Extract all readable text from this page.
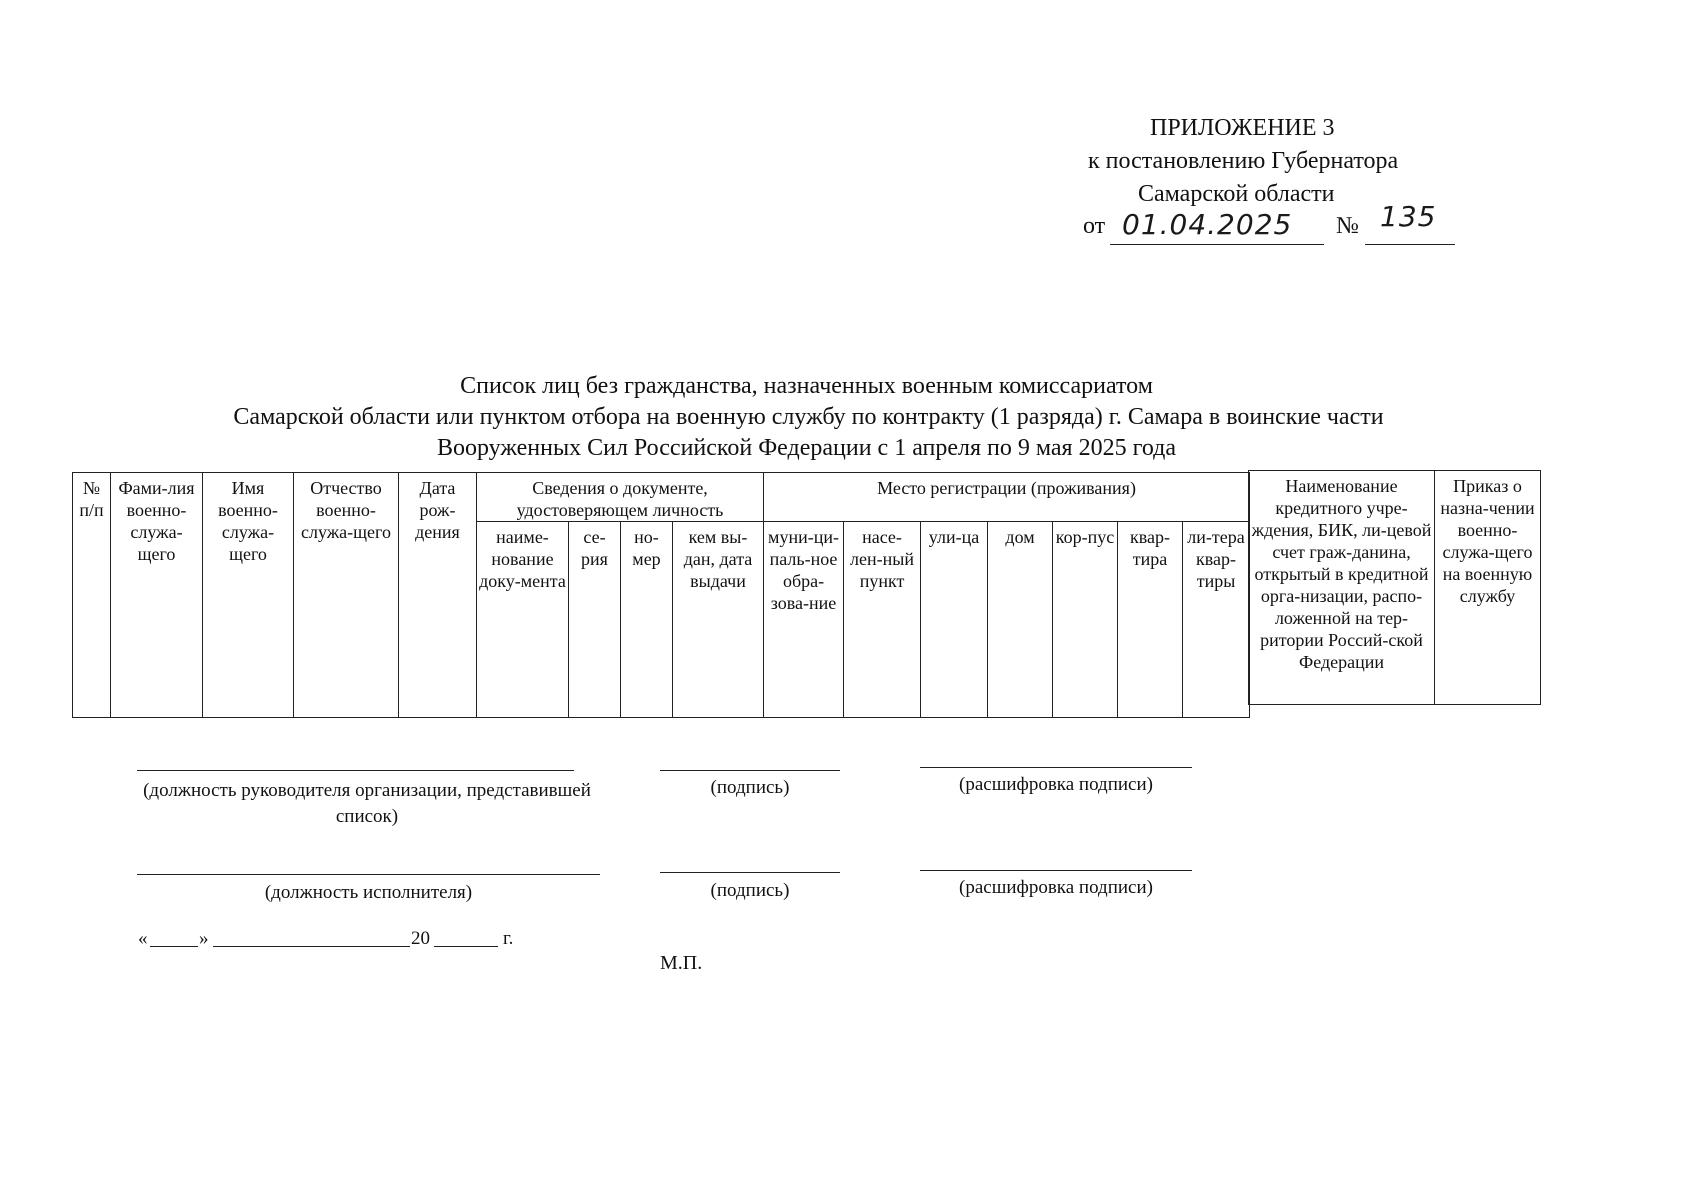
ПРИЛОЖЕНИЕ 3
к постановлению Губернатора
Самарской области
от 01.04.2025 № 135
Список лиц без гражданства, назначенных военным комиссариатом
Самарской области или пунктом отбора на военную службу по контракту (1 разряда) г. Самара в воинские части
Вооруженных Сил Российской Федерации с 1 апреля по 9 мая 2025 года
№ п/п	Фами-лия военно-служа-щего	Имя военно-служа-щего	Отчество военно-служа-щего	Дата рож-дения	Сведения о документе, удостоверяющем личность				Место регистрации (проживания)						
					наиме-нование доку-мента	се-рия	но-мер	кем вы-дан, дата выдачи	муни-ци-паль-ное обра-зова-ние	насе-лен-ный пункт	ули-ца	дом	кор-пус	квар-тира	ли-тера квар-тиры
Наименование кредитного учре-ждения, БИК, ли-цевой счет граж-данина, открытый в кредитной орга-низации, распо-ложенной на тер-ритории Россий-ской Федерации	Приказ о назна-чении военно-служа-щего на военную службу
(должность руководителя организации, представившей список)
(подпись)	(расшифровка подписи)
(должность исполнителя)	(подпись)	(расшифровка подписи)
«	»	20	г.
М.П.
